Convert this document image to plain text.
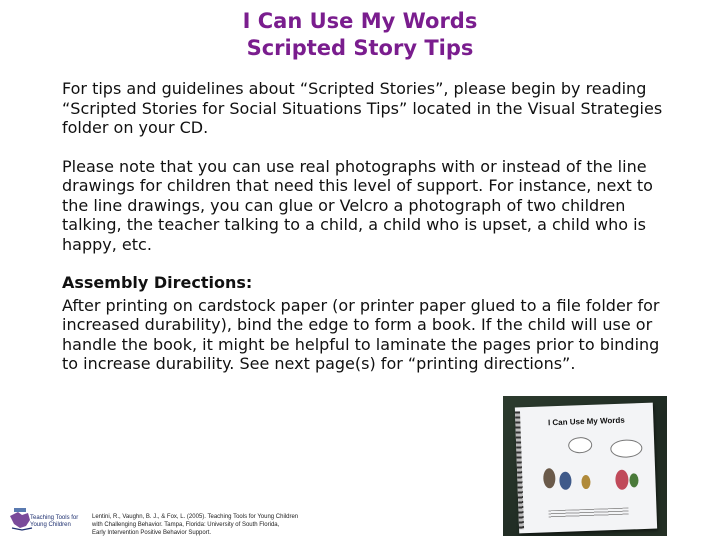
I Can Use My Words
Scripted Story Tips

For tips and guidelines about “Scripted Stories”, please begin by reading “Scripted Stories for Social Situations Tips” located in the Visual Strategies folder on your CD.

Please note that you can use real photographs with or instead of the line drawings for children that need this level of support. For instance, next to the line drawings, you can glue or Velcro a photograph of two children talking, the teacher talking to a child, a child who is upset, a child who is happy, etc.

Assembly Directions:

After printing on cardstock paper (or printer paper glued to a file folder for increased durability), bind the edge to form a book. If the child will use or handle the book, it might be helpful to laminate the pages prior to binding to increase durability. See next page(s) for “printing directions”.

I Can Use My Words
Teaching Tools for Young Children
Lentini, R., Vaughn, B. J., & Fox, L. (2005). Teaching Tools for Young Children
with Challenging Behavior. Tampa, Florida: University of South Florida,
Early Intervention Positive Behavior Support.
